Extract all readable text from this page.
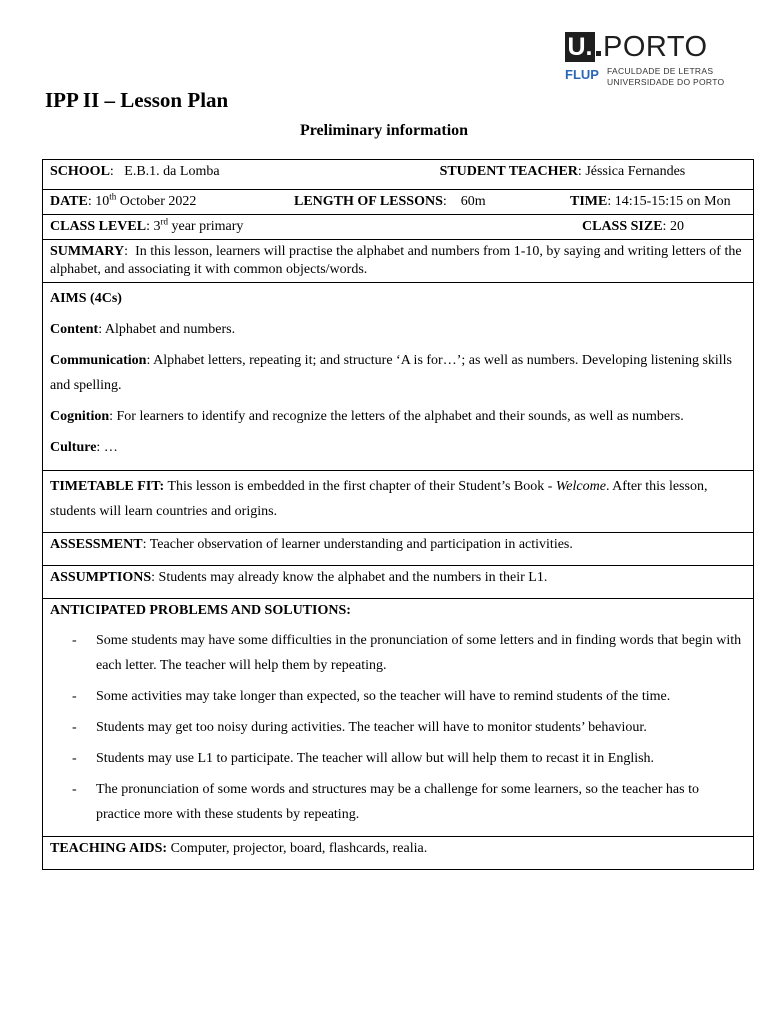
U. PORTO
FLUP FACULDADE DE LETRAS
UNIVERSIDADE DO PORTO
IPP II – Lesson Plan
Preliminary information
SCHOOL:   E.B.1. da Lomba	STUDENT TEACHER: Jéssica Fernandes

DATE: 10th October 2022	LENGTH OF LESSONS:    60m	TIME: 14:15-15:15 on Mon

CLASS LEVEL: 3rd year primary	CLASS SIZE: 20

SUMMARY:  In this lesson, learners will practise the alphabet and numbers from 1-10, by saying and writing letters of the alphabet, and associating it with common objects/words.

AIMS (4Cs)

Content: Alphabet and numbers.

Communication: Alphabet letters, repeating it; and structure ‘A is for…’; as well as numbers. Developing listening skills and spelling.

Cognition: For learners to identify and recognize the letters of the alphabet and their sounds, as well as numbers.

Culture: …

TIMETABLE FIT: This lesson is embedded in the first chapter of their Student’s Book - Welcome. After this lesson, students will learn countries and origins.
ASSESSMENT: Teacher observation of learner understanding and participation in activities.
ASSUMPTIONS: Students may already know the alphabet and the numbers in their L1.
ANTICIPATED PROBLEMS AND SOLUTIONS:
- Some students may have some difficulties in the pronunciation of some letters and in finding words that begin with each letter. The teacher will help them by repeating.
- Some activities may take longer than expected, so the teacher will have to remind students of the time.
- Students may get too noisy during activities. The teacher will have to monitor students’ behaviour.
- Students may use L1 to participate. The teacher will allow but will help them to recast it in English.
- The pronunciation of some words and structures may be a challenge for some learners, so the teacher has to practice more with these students by repeating.

TEACHING AIDS: Computer, projector, board, flashcards, realia.
